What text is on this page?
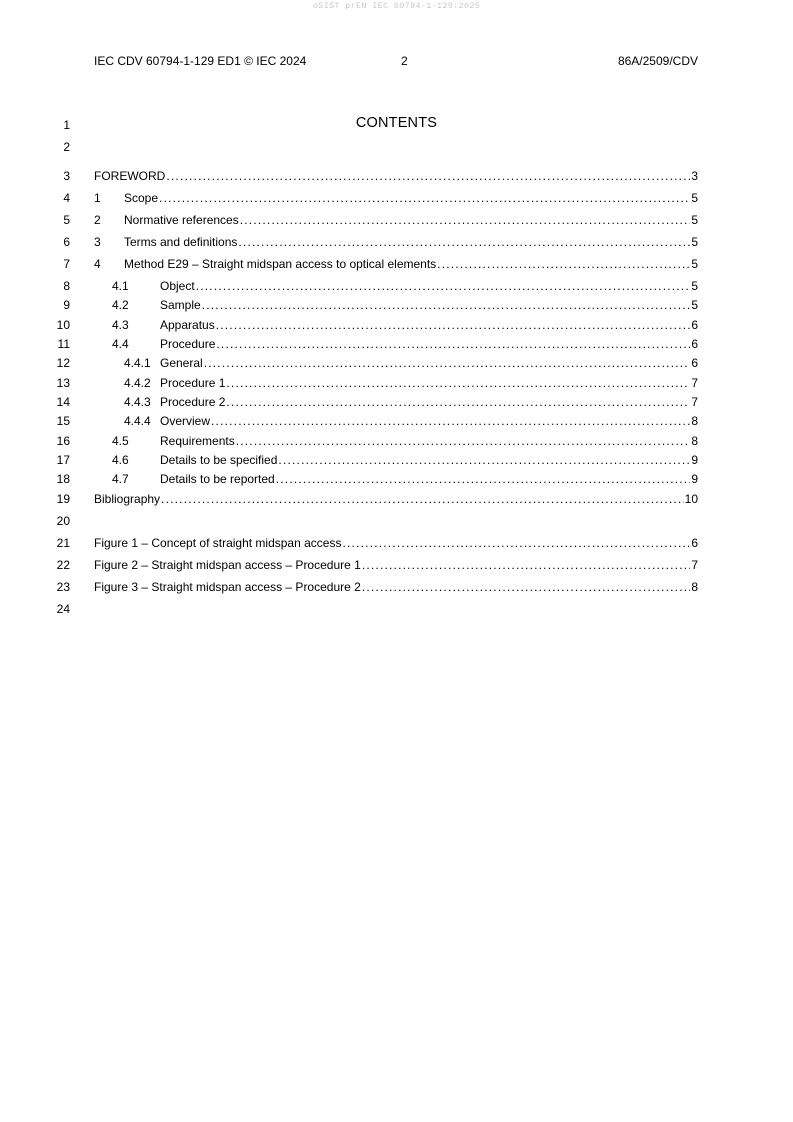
oSIST prEN IEC 60794-1-129:2025
IEC CDV 60794-1-129 ED1 © IEC 2024	2	86A/2509/CDV
1
2
3
4
5
6
7
8
9
10
11
12
13
14
15
16
17
18
19
20
21
22
23
24
CONTENTS
FOREWORD .....	3
1	Scope .....	5
2	Normative references .....	5
3	Terms and definitions .....	5
4	Method E29 – Straight midspan access to optical elements .....	5
4.1	Object .....	5
4.2	Sample .....	5
4.3	Apparatus .....	6
4.4	Procedure .....	6
4.4.1 General .....	6
4.4.2 Procedure 1 .....	7
4.4.3 Procedure 2 .....	7
4.4.4 Overview .....	8
4.5	Requirements .....	8
4.6	Details to be specified .....	9
4.7	Details to be reported .....	9
Bibliography .....	10
Figure 1 – Concept of straight midspan access .....	6
Figure 2 – Straight midspan access – Procedure 1 .....	7
Figure 3 – Straight midspan access – Procedure 2 .....	8
